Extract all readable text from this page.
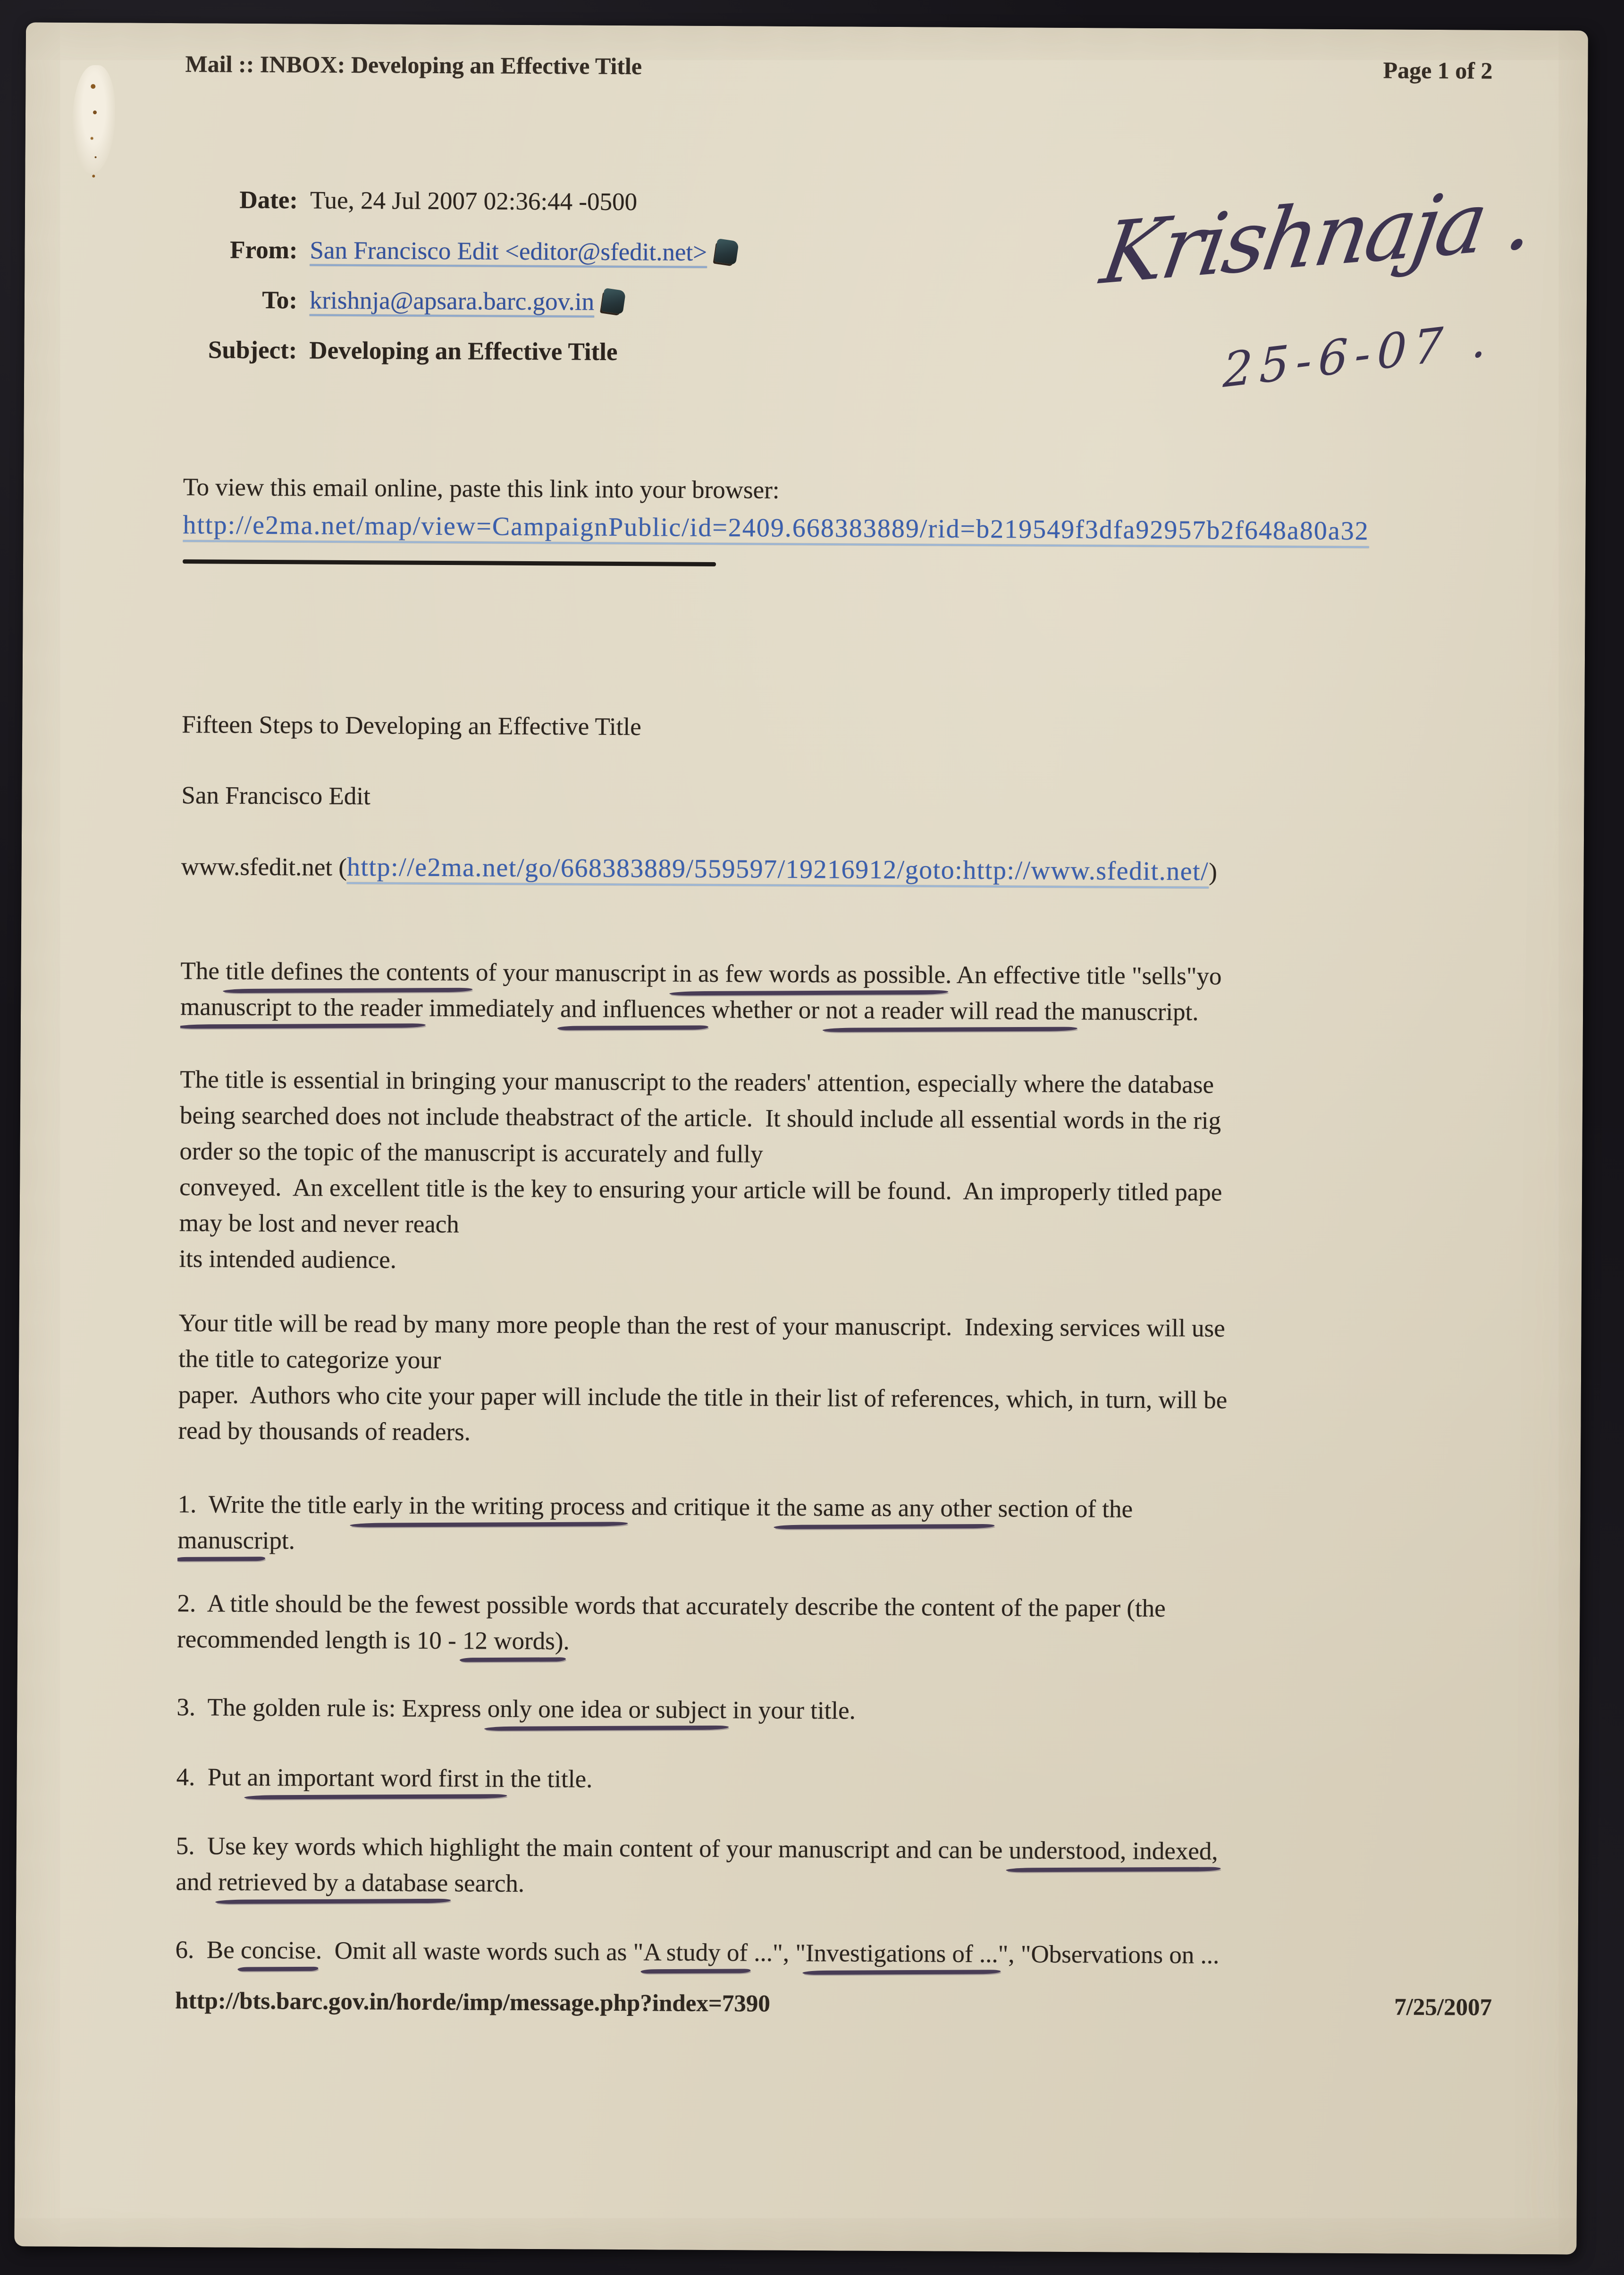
Mail :: INBOX: Developing an Effective Title	Page 1 of 2
Date: Tue, 24 Jul 2007 02:36:44 -0500
From: San Francisco Edit <editor@sfedit.net>
To: krishnja@apsara.barc.gov.in
Subject: Developing an Effective Title
Krishnaja .
25-6-07 .
To view this email online, paste this link into your browser:
http://e2ma.net/map/view=CampaignPublic/id=2409.668383889/rid=b219549f3dfa92957b2f648a80a32
Fifteen Steps to Developing an Effective Title
San Francisco Edit
www.sfedit.net (http://e2ma.net/go/668383889/559597/19216912/goto:http://www.sfedit.net/)
The title defines the contents of your manuscript in as few words as possible. An effective title "sells"yo
manuscript to the reader immediately and influences whether or not a reader will read the manuscript.
The title is essential in bringing your manuscript to the readers' attention, especially where the database
being searched does not include theabstract of the article.  It should include all essential words in the rig
order so the topic of the manuscript is accurately and fully
conveyed.  An excellent title is the key to ensuring your article will be found.  An improperly titled pape
may be lost and never reach
its intended audience.
Your title will be read by many more people than the rest of your manuscript.  Indexing services will use
the title to categorize your
paper.  Authors who cite your paper will include the title in their list of references, which, in turn, will be
read by thousands of readers.
1.  Write the title early in the writing process and critique it the same as any other section of the
manuscript.
2.  A title should be the fewest possible words that accurately describe the content of the paper (the
recommended length is 10 - 12 words).
3.  The golden rule is: Express only one idea or subject in your title.
4.  Put an important word first in the title.
5.  Use key words which highlight the main content of your manuscript and can be understood, indexed,
and retrieved by a database search.
6.  Be concise.  Omit all waste words such as "A study of ...", "Investigations of ...", "Observations on ...
http://bts.barc.gov.in/horde/imp/message.php?index=7390	7/25/2007
